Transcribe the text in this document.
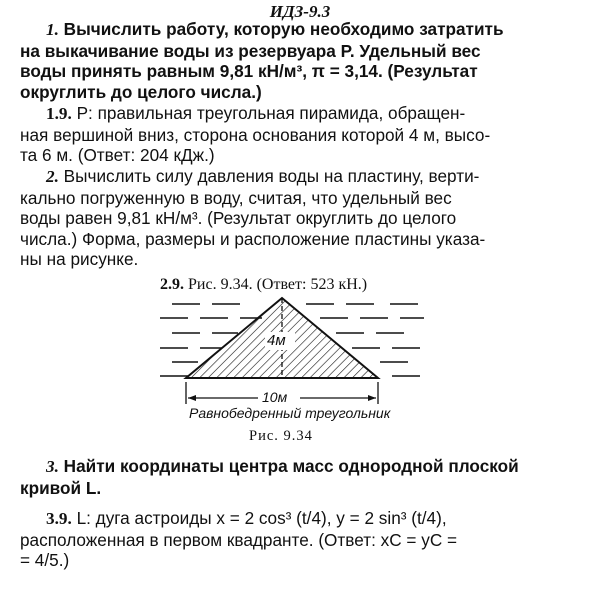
ИДЗ-9.3
1. Вычислить работу, которую необходимо затратить
на выкачивание воды из резервуара P. Удельный вес
воды принять равным 9,81 кН/м³, π = 3,14. (Результат
округлить до целого числа.)
1.9. P: правильная треугольная пирамида, обращен-
ная вершиной вниз, сторона основания которой 4 м, высо-
та 6 м. (Ответ: 204 кДж.)
2. Вычислить силу давления воды на пластину, верти-
кально погруженную в воду, считая, что удельный вес
воды равен 9,81 кН/м³. (Результат округлить до целого
числа.) Форма, размеры и расположение пластины указа-
ны на рисунке.
2.9. Рис. 9.34. (Ответ: 523 кН.)
4м
10м
Равнобедренный треугольник
Рис. 9.34
3. Найти координаты центра масс однородной плоской
кривой L.
3.9. L: дуга астроиды x = 2 cos³ (t/4), y = 2 sin³ (t/4),
расположенная в первом квадранте. (Ответ: xC = yC =
= 4/5.)
